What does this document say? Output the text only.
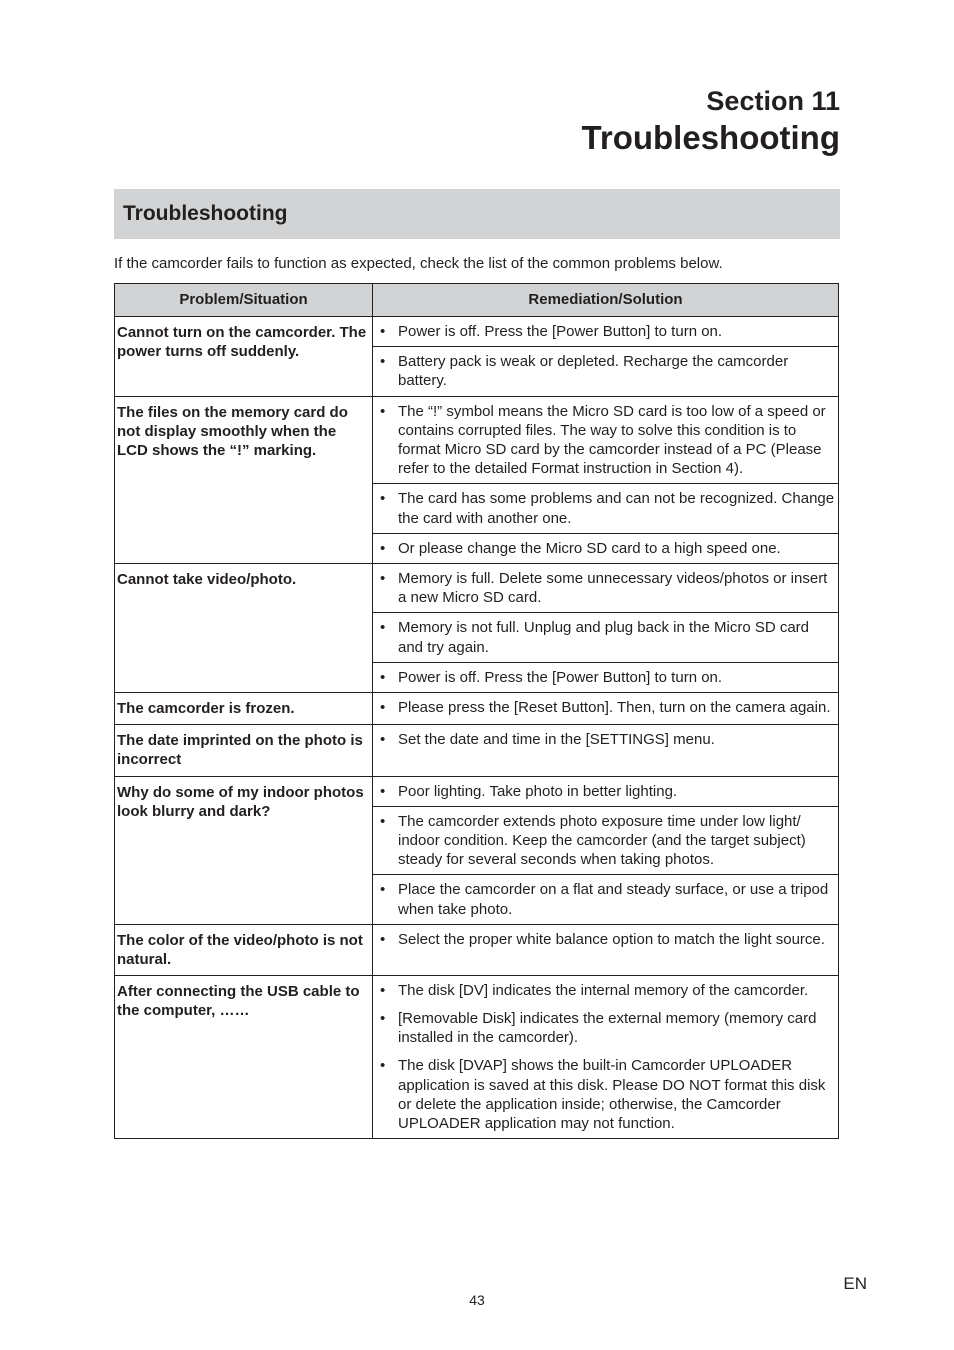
Section 11
Troubleshooting
Troubleshooting
If the camcorder fails to function as expected, check the list of the common problems below.
Problem/Situation	Remediation/Solution
Cannot turn on the camcorder. The power turns off suddenly.	• Power is off. Press the [Power Button] to turn on.
	• Battery pack is weak or depleted. Recharge the camcorder battery.
The files on the memory card do not display smoothly when the LCD shows the “!” marking.	• The “!” symbol means the Micro SD card is too low of a speed or contains corrupted files. The way to solve this condition is to format Micro SD card by the camcorder instead of a PC (Please refer to the detailed Format instruction in Section 4).
	• The card has some problems and can not be recognized. Change the card with another one.
	• Or please change the Micro SD card to a high speed one.
Cannot take video/photo.	• Memory is full. Delete some unnecessary videos/photos or insert a new Micro SD card.
	• Memory is not full. Unplug and plug back in the Micro SD card and try again.
	• Power is off. Press the [Power Button] to turn on.
The camcorder is frozen.	• Please press the [Reset Button]. Then, turn on the camera again.
The date imprinted on the photo is incorrect	• Set the date and time in the [SETTINGS] menu.
Why do some of my indoor photos look blurry and dark?	• Poor lighting. Take photo in better lighting.
	• The camcorder extends photo exposure time under low light/ indoor condition. Keep the camcorder (and the target subject) steady for several seconds when taking photos.
	• Place the camcorder on a flat and steady surface, or use a tripod when take photo.
The color of the video/photo is not natural.	• Select the proper white balance option to match the light source.
After connecting the USB cable to the computer, ……	• The disk [DV] indicates the internal memory of the camcorder.
• [Removable Disk] indicates the external memory (memory card installed in the camcorder).
• The disk [DVAP] shows the built-in Camcorder UPLOADER application is saved at this disk. Please DO NOT format this disk or delete the application inside; otherwise, the Camcorder UPLOADER application may not function.
EN
43
